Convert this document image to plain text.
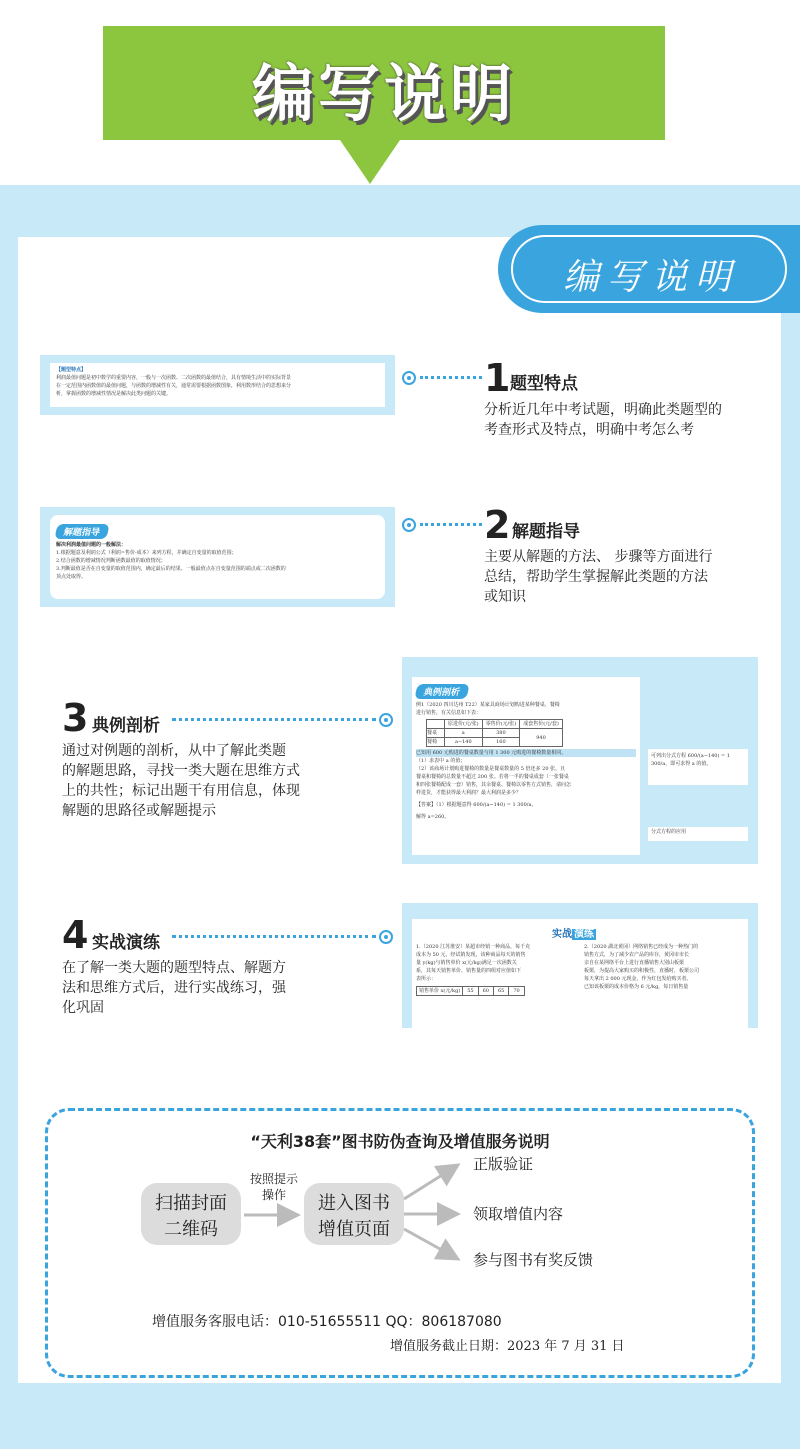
编写说明
编写说明
【题型特点】
利润最值问题是初中数学的重要内容，一般与一次函数、二次函数的最值结合，具有情境生活中的实际背景
在一定范围内函数值的最值问题，与函数的增减性有关，通常需要根据函数图象，利用数形结合的思想来分
析，掌握函数的增减性情况是解决此类问题的关键。	1 题型特点
分析近几年中考试题，明确此类题型的
考查形式及特点，明确中考怎么考
解题指导
解决利润最值问题的一般解法：
1.根据题意及利润公式（利润=售价-成本）来列方程，并确定自变量的取值范围；
2.结合函数的增减情况判断函数最值的取值情况；
3.判断最值是否在自变量的取值范围内，确定最后的结果。一般最值点在自变量范围的端点或二次函数的
顶点处取得。
2 解题指导
主要从解题的方法、 步骤等方面进行
总结，帮助学生掌握解此类题的方法
或知识
3 典例剖析
通过对例题的剖析，从中了解此类题
的解题思路，寻找一类大题在思维方式
上的共性；标记出题干有用信息，体现
解题的思路径或解题提示
典例剖析
例1（2020 四川达州 T22）某家具商场计划购进某种餐桌、餐椅
进行销售，有关信息如下表：
	原进价(元/张)	零售价(元/张)	成套售价(元/套)
餐桌	a	380	940
餐椅	a−140	160	
已知用 600 元购进的餐桌数量与用 1 300 元购进的餐椅数量相同。
（1）求表中 a 的值；
（2）该商场计划购进餐椅的数量是餐桌数量的 5 倍还多 20 张，且
餐桌和餐椅的总数量不超过 200 张。若将一半的餐桌成套（一张餐桌
和四张餐椅配成一套）销售，其余餐桌、餐椅以零售方式销售，请问怎
样进货，才能获得最大利润？最大利润是多少？
【答案】（1）根据题意得 600/(a−140) = 1 300/a，
解得 a=260。
可列出分式方程 600/(a−140) = 1 300/a，即可求得 a 的值。
分式方程的应用
4 实战演练
在了解一类大题的题型特点、解题方
法和思维方式后，进行实战练习，强
化巩固
实战 演练
1.（2020 江苏淮安）某超市经销一种商品，每千克
成本为 50 元，经试销发现，该种商品每天的销售
量 y(kg)与销售单价 x(元/kg)满足一次函数关
系，其每天销售单价、销售量的四组对应值如下
表所示：
销售单价 x(元/kg)	55	60	65	70
2.（2020 湖北黄冈）网络销售已经成为一种热门的
销售方式，为了减少农产品的库存，黄冈市市长
亲自在某网络平台上进行直播销售大别山板栗
板栗，为提高大家购买的积极性，直播时，板栗公司
每天拿出 2 000 元现金，作为红包发给购买者。
已知该板栗的成本价格为 6 元/kg，每日销售量
“天利38套”图书防伪查询及增值服务说明
扫描封面
二维码
按照提示
操作	进入图书
增值页面
正版验证
领取增值内容
参与图书有奖反馈
增值服务客服电话：010-51655511 QQ：806187080
增值服务截止日期：2023 年 7 月 31 日
